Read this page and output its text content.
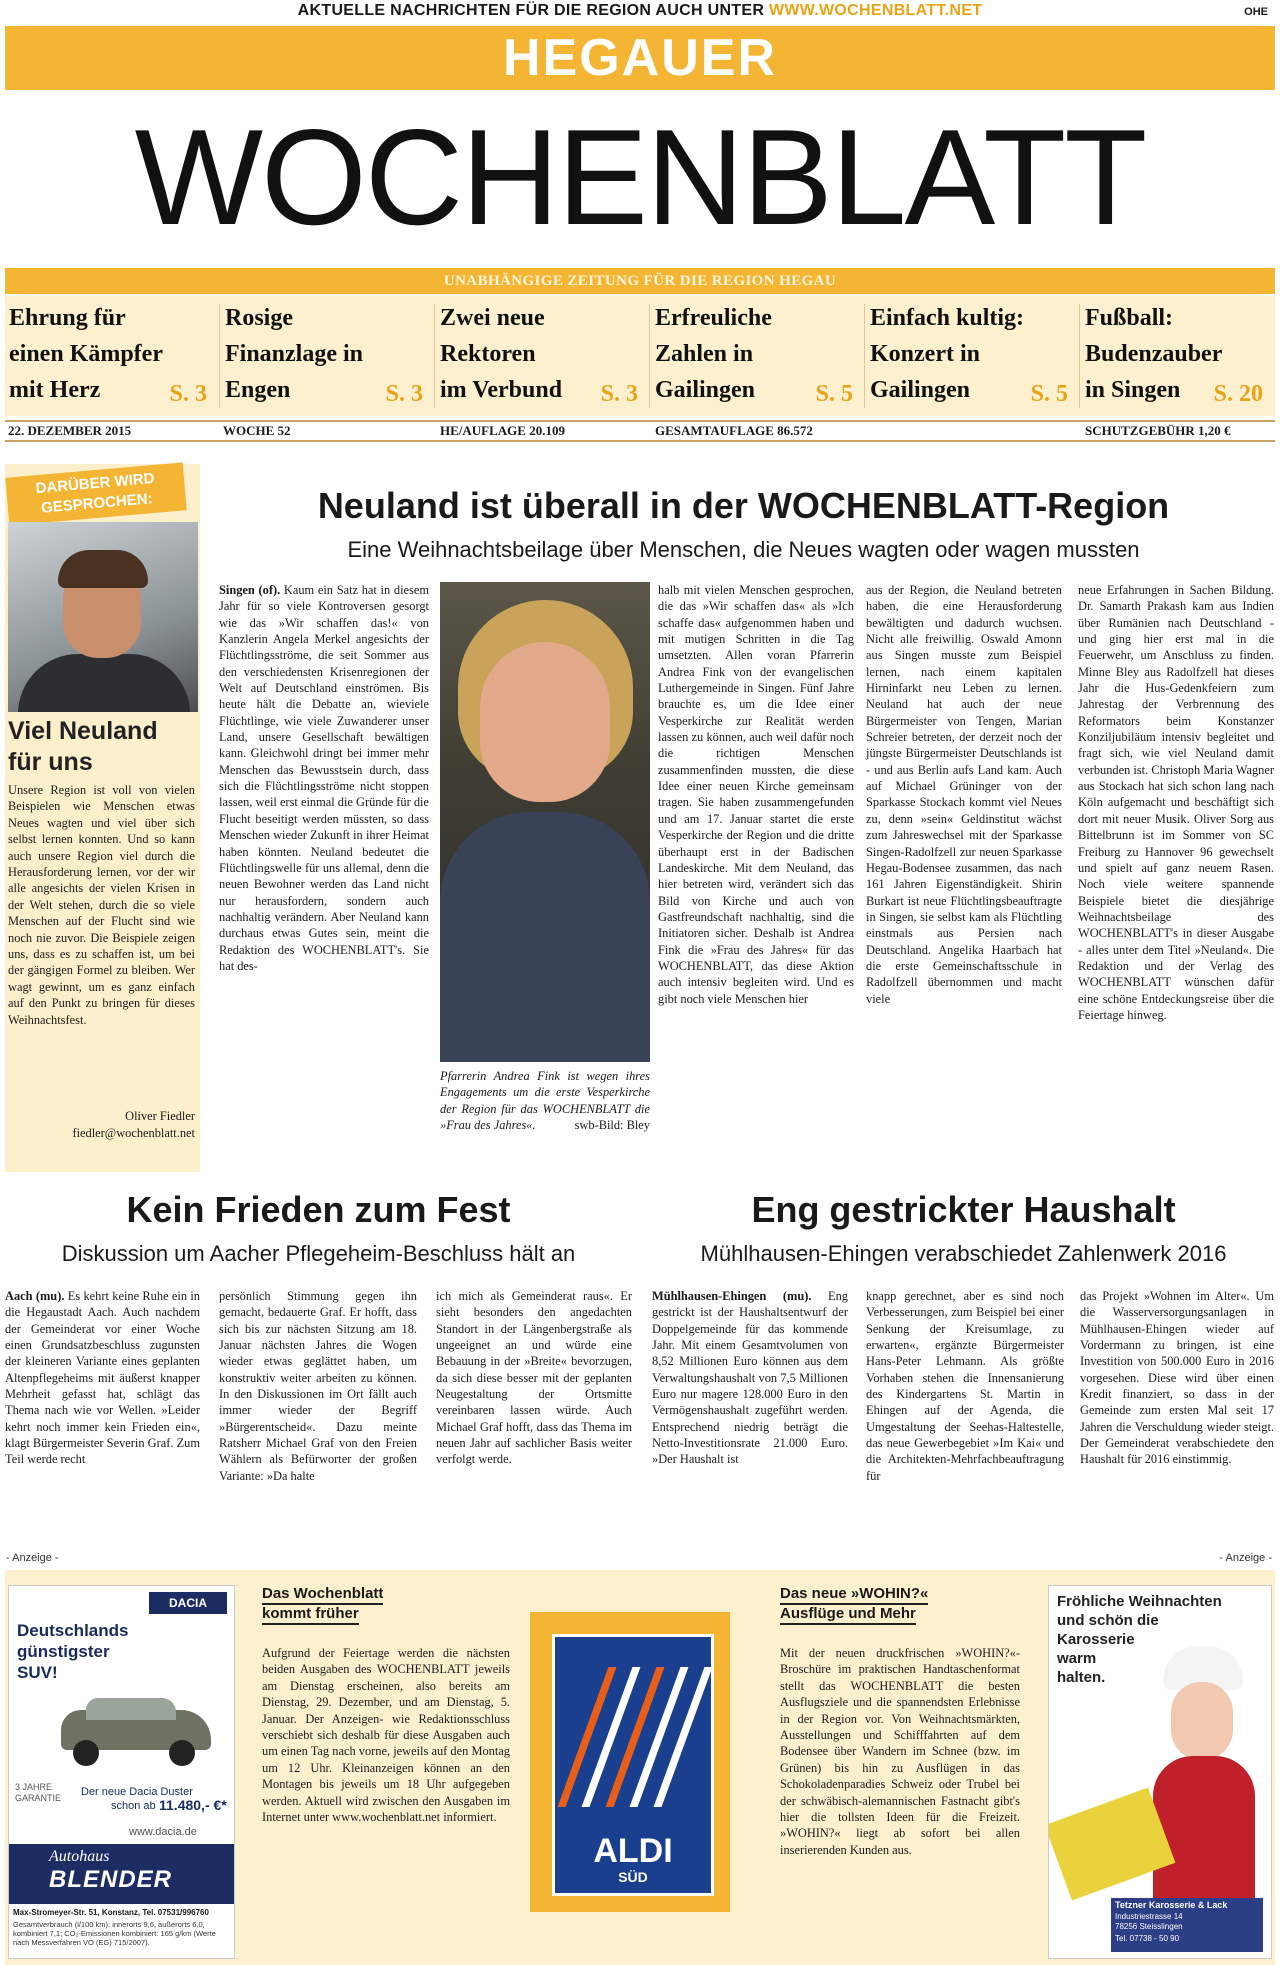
AKTUELLE NACHRICHTEN FÜR DIE REGION AUCH UNTER WWW.WOCHENBLATT.NET	OHE
HEGAUER
WOCHENBLATT
UNABHÄNGIGE ZEITUNG FÜR DIE REGION HEGAU
Ehrung für
einen Kämpfer
mit Herz	S. 3
Rosige
Finanzlage in
Engen	S. 3
Zwei neue
Rektoren
im Verbund	S. 3
Erfreuliche
Zahlen in
Gailingen	S. 5
Einfach kultig:
Konzert in
Gailingen	S. 5
Fußball:
Budenzauber
in Singen	S. 20
22. DEZEMBER 2015	WOCHE 52	HE/AUFLAGE 20.109	GESAMTAUFLAGE 86.572	SCHUTZGEBÜHR 1,20 €
DARÜBER WIRD
GESPROCHEN:
Viel Neuland
für uns
Unsere Region ist voll von vielen Beispielen wie Menschen etwas Neues wagten und viel über sich selbst lernen konnten. Und so kann auch unsere Region viel durch die Herausforderung lernen, vor der wir alle angesichts der vielen Krisen in der Welt stehen, durch die so viele Menschen auf der Flucht sind wie noch nie zuvor. Die Beispiele zeigen uns, dass es zu schaffen ist, um bei der gängigen Formel zu bleiben. Wer wagt gewinnt, um es ganz einfach auf den Punkt zu bringen für dieses Weihnachtsfest.
Oliver Fiedler
fiedler@wochenblatt.net
Neuland ist überall in der WOCHENBLATT-Region
Eine Weihnachtsbeilage über Menschen, die Neues wagten oder wagen mussten
Singen (of). Kaum ein Satz hat in diesem Jahr für so viele Kontroversen gesorgt wie das »Wir schaffen das!« von Kanzlerin Angela Merkel angesichts der Flüchtlingsströme, die seit Sommer aus den verschiedensten Krisenregionen der Welt auf Deutschland einströmen. Bis heute hält die Debatte an, wieviele Flüchtlinge, wie viele Zuwanderer unser Land, unsere Gesellschaft bewältigen kann. Gleichwohl dringt bei immer mehr Menschen das Bewusstsein durch, dass sich die Flüchtlingsströme nicht stoppen lassen, weil erst einmal die Gründe für die Flucht beseitigt werden müssten, so dass Menschen wieder Zukunft in ihrer Heimat haben könnten. Neuland bedeutet die Flüchtlingswelle für uns allemal, denn die neuen Bewohner werden das Land nicht nur herausfordern, sondern auch nachhaltig verändern. Aber Neuland kann durchaus etwas Gutes sein, meint die Redaktion des WOCHENBLATT's. Sie hat des-
Pfarrerin Andrea Fink ist wegen ihres Engagements um die erste Vesperkirche der Region für das WOCHENBLATT die »Frau des Jahres«.	swb-Bild: Bley
halb mit vielen Menschen gesprochen, die das »Wir schaffen das« als »Ich schaffe das« aufgenommen haben und mit mutigen Schritten in die Tag umsetzten. Allen voran Pfarrerin Andrea Fink von der evangelischen Luthergemeinde in Singen. Fünf Jahre brauchte es, um die Idee einer Vesperkirche zur Realität werden lassen zu können, auch weil dafür noch die richtigen Menschen zusammenfinden mussten, die diese Idee einer neuen Kirche gemeinsam tragen. Sie haben zusammengefunden und am 17. Januar startet die erste Vesperkirche der Region und die dritte überhaupt erst in der Badischen Landeskirche. Mit dem Neuland, das hier betreten wird, verändert sich das Bild von Kirche und auch von Gastfreundschaft nachhaltig, sind die Initiatoren sicher. Deshalb ist Andrea Fink die »Frau des Jahres« für das WOCHENBLATT, das diese Aktion auch intensiv begleiten wird. Und es gibt noch viele Menschen hier
aus der Region, die Neuland betreten haben, die eine Herausforderung bewältigten und dadurch wuchsen. Nicht alle freiwillig. Oswald Amonn aus Singen musste zum Beispiel lernen, nach einem kapitalen Hirninfarkt neu Leben zu lernen. Neuland hat auch der neue Bürgermeister von Tengen, Marian Schreier betreten, der derzeit noch der jüngste Bürgermeister Deutschlands ist - und aus Berlin aufs Land kam. Auch auf Michael Grüninger von der Sparkasse Stockach kommt viel Neues zu, denn »sein« Geldinstitut wächst zum Jahreswechsel mit der Sparkasse Singen-Radolfzell zur neuen Sparkasse Hegau-Bodensee zusammen, das nach 161 Jahren Eigenständigkeit. Shirin Burkart ist neue Flüchtlingsbeauftragte in Singen, sie selbst kam als Flüchtling einstmals aus Persien nach Deutschland. Angelika Haarbach hat die erste Gemeinschaftsschule in Radolfzell übernommen und macht viele
neue Erfahrungen in Sachen Bildung. Dr. Samarth Prakash kam aus Indien über Rumänien nach Deutschland - und ging hier erst mal in die Feuerwehr, um Anschluss zu finden. Minne Bley aus Radolfzell hat dieses Jahr die Hus-Gedenkfeiern zum Jahrestag der Verbrennung des Reformators beim Konstanzer Konziljubiläum intensiv begleitet und fragt sich, wie viel Neuland damit verbunden ist. Christoph Maria Wagner aus Stockach hat sich schon lang nach Köln aufgemacht und beschäftigt sich dort mit neuer Musik. Oliver Sorg aus Bittelbrunn ist im Sommer von SC Freiburg zu Hannover 96 gewechselt und spielt auf ganz neuem Rasen. Noch viele weitere spannende Beispiele bietet die diesjährige Weihnachtsbeilage des WOCHENBLATT's in dieser Ausgabe - alles unter dem Titel »Neuland«. Die Redaktion und der Verlag des WOCHENBLATT wünschen dafür eine schöne Entdeckungsreise über die Feiertage hinweg.
Kein Frieden zum Fest
Diskussion um Aacher Pflegeheim-Beschluss hält an
Aach (mu). Es kehrt keine Ruhe ein in die Hegaustadt Aach. Auch nachdem der Gemeinderat vor einer Woche einen Grundsatzbeschluss zugunsten der kleineren Variante eines geplanten Altenpflegeheims mit äußerst knapper Mehrheit gefasst hat, schlägt das Thema nach wie vor Wellen. »Leider kehrt noch immer kein Frieden ein«, klagt Bürgermeister Severin Graf. Zum Teil werde recht
persönlich Stimmung gegen ihn gemacht, bedauerte Graf. Er hofft, dass sich bis zur nächsten Sitzung am 18. Januar nächsten Jahres die Wogen wieder etwas geglättet haben, um konstruktiv weiter arbeiten zu können. In den Diskussionen im Ort fällt auch immer wieder der Begriff »Bürgerentscheid«. Dazu meinte Ratsherr Michael Graf von den Freien Wählern als Befürworter der großen Variante: »Da halte
ich mich als Gemeinderat raus«. Er sieht besonders den angedachten Standort in der Längenbergstraße als ungeeignet an und würde eine Bebauung in der »Breite« bevorzugen, da sich diese besser mit der geplanten Neugestaltung der Ortsmitte vereinbaren lassen würde. Auch Michael Graf hofft, dass das Thema im neuen Jahr auf sachlicher Basis weiter verfolgt werde.
Eng gestrickter Haushalt
Mühlhausen-Ehingen verabschiedet Zahlenwerk 2016
Mühlhausen-Ehingen (mu). Eng gestrickt ist der Haushaltsentwurf der Doppelgemeinde für das kommende Jahr. Mit einem Gesamtvolumen von 8,52 Millionen Euro können aus dem Verwaltungshaushalt von 7,5 Millionen Euro nur magere 128.000 Euro in den Vermögenshaushalt zugeführt werden. Entsprechend niedrig beträgt die Netto-Investitionsrate 21.000 Euro. »Der Haushalt ist
knapp gerechnet, aber es sind noch Verbesserungen, zum Beispiel bei einer Senkung der Kreisumlage, zu erwarten«, ergänzte Bürgermeister Hans-Peter Lehmann. Als größte Vorhaben stehen die Innensanierung des Kindergartens St. Martin in Ehingen auf der Agenda, die Umgestaltung der Seehas-Haltestelle, das neue Gewerbegebiet »Im Kai« und die Architekten-Mehrfachbeauftragung für
das Projekt »Wohnen im Alter«. Um die Wasserversorgungsanlagen in Mühlhausen-Ehingen wieder auf Vordermann zu bringen, ist eine Investition von 500.000 Euro in 2016 vorgesehen. Diese wird über einen Kredit finanziert, so dass in der Gemeinde zum ersten Mal seit 17 Jahren die Verschuldung wieder steigt. Der Gemeinderat verabschiedete den Haushalt für 2016 einstimmig.
- Anzeige -	- Anzeige -
DACIA
Deutschlands
günstigster
SUV!
3 JAHRE GARANTIE Der neue Dacia Duster
schon ab 11.480,- €*
www.dacia.de
Autohaus
BLENDER
Max-Stromeyer-Str. 51, Konstanz, Tel. 07531/996760
Gesamtverbrauch (l/100 km): innerorts 9,6, außerorts 6,0, kombiniert 7,1; CO₂-Emissionen kombiniert: 165 g/km (Werte nach Messverfahren VO (EG) 715/2007).
Das Wochenblatt
kommt früher
Aufgrund der Feiertage werden die nächsten beiden Ausgaben des WOCHENBLATT jeweils am Dienstag erscheinen, also bereits am Dienstag, 29. Dezember, und am Dienstag, 5. Januar. Der Anzeigen- wie Redaktionsschluss verschiebt sich deshalb für diese Ausgaben auch um einen Tag nach vorne, jeweils auf den Montag um 12 Uhr. Kleinanzeigen können an den Montagen bis jeweils um 18 Uhr aufgegeben werden. Aktuell wird zwischen den Ausgaben im Internet unter www.wochenblatt.net informiert.
ALDI
SÜD
Das neue »WOHIN?«
Ausflüge und Mehr
Mit der neuen druckfrischen »WOHIN?«-Broschüre im praktischen Handtaschenformat stellt das WOCHENBLATT die besten Ausflugsziele und die spannendsten Erlebnisse in der Region vor. Von Weihnachtsmärkten, Ausstellungen und Schifffahrten auf dem Bodensee über Wandern im Schnee (bzw. im Grünen) bis hin zu Ausflügen in das Schokoladenparadies Schweiz oder Trubel bei der schwäbisch-alemannischen Fastnacht gibt's hier die tollsten Ideen für die Freizeit. »WOHIN?« liegt ab sofort bei allen inserierenden Kunden aus.
Fröhliche Weihnachten
und schön die
Karosserie
warm
halten.
Tetzner Karosserie & Lack
Industriestrasse 14
78256 Steisslingen
Tel. 07738 - 50 90
